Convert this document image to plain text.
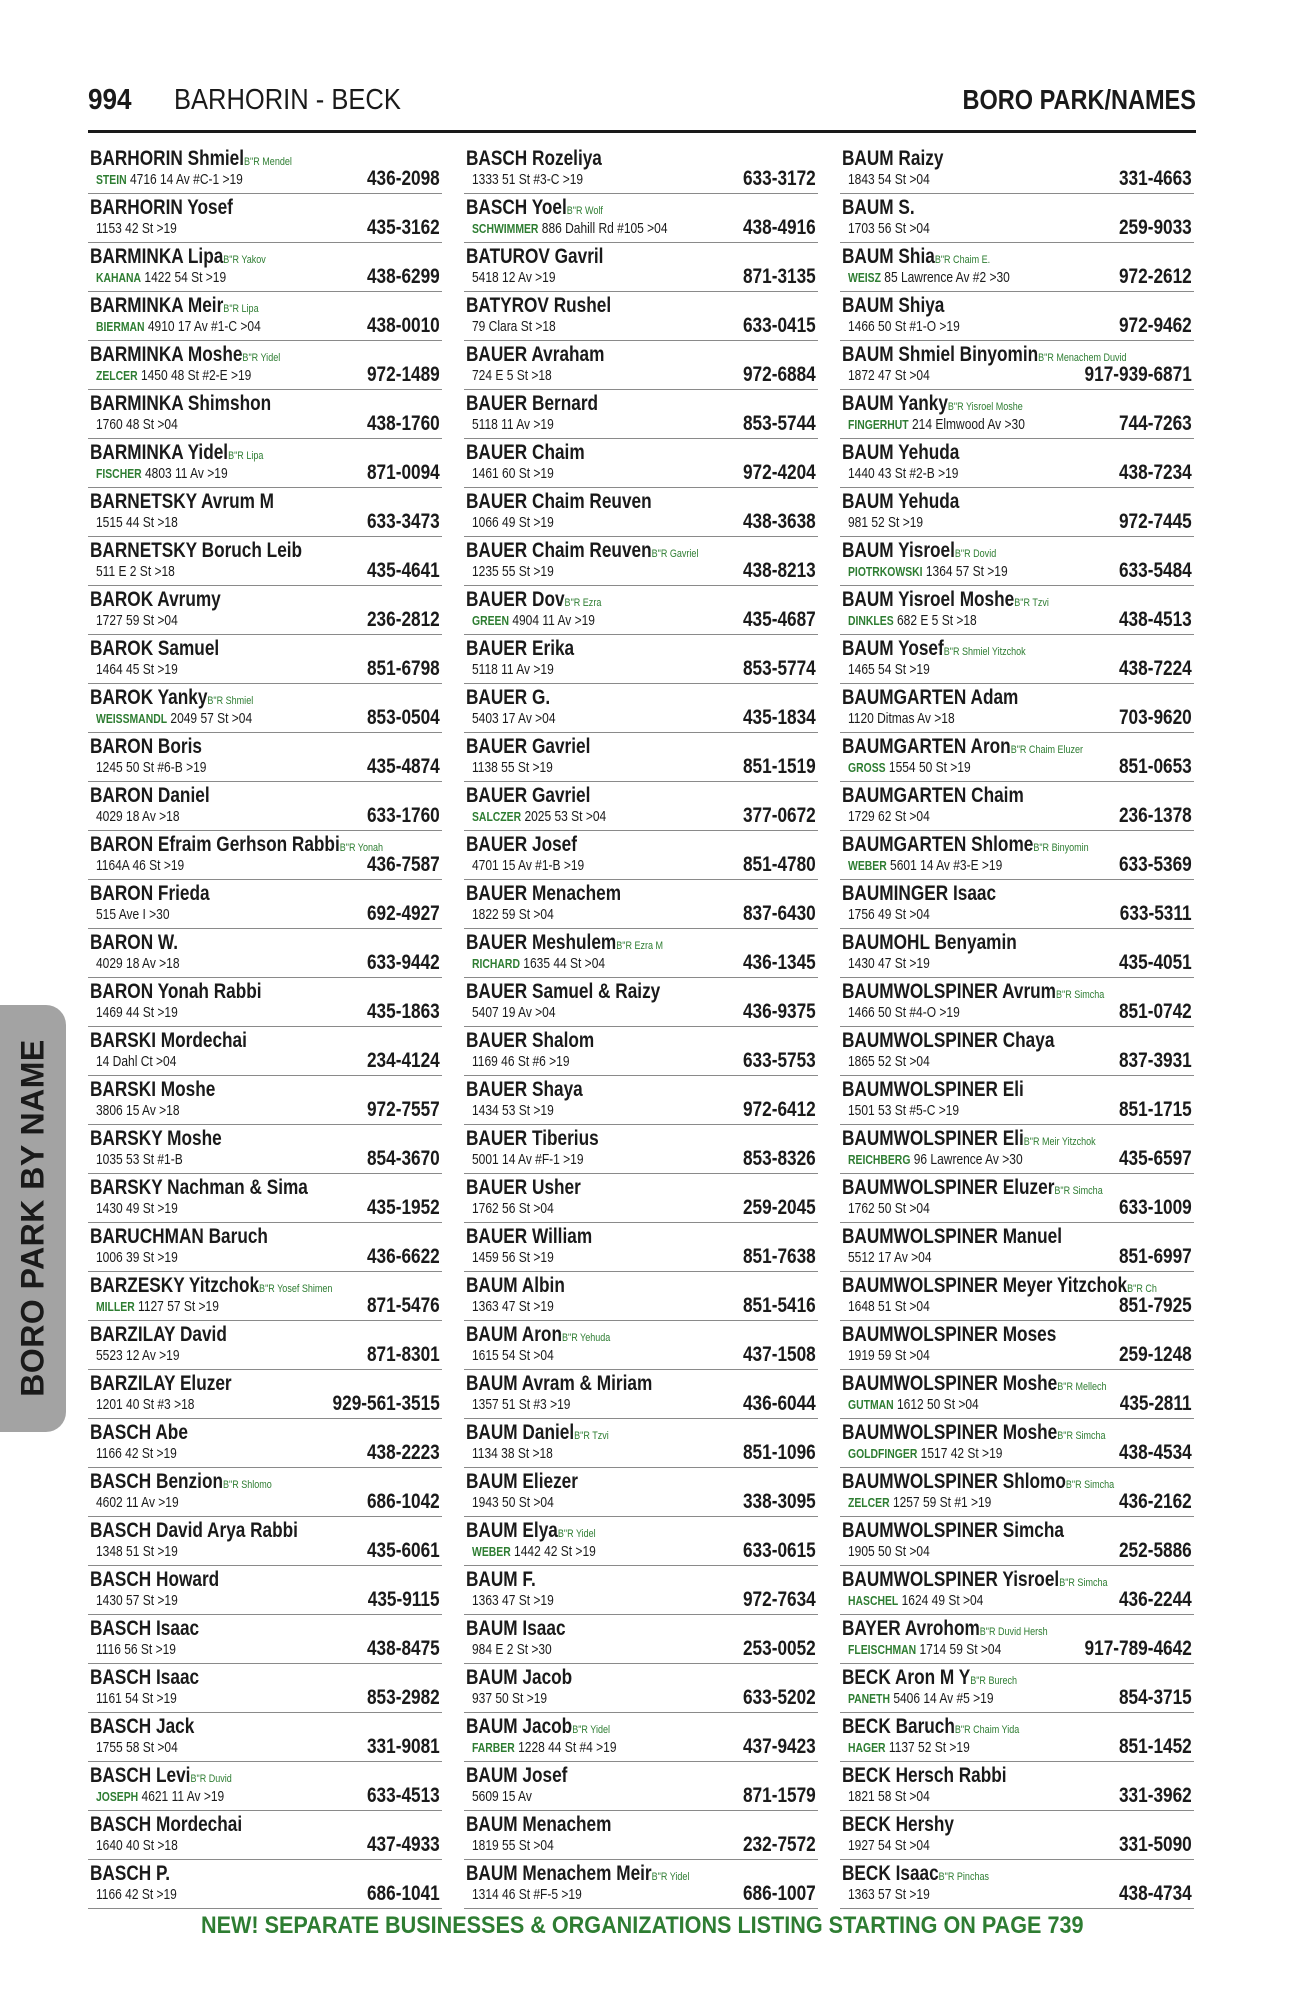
994 BARHORIN - BECK	BORO PARK/NAMES
BORO PARK BY NAME
BARHORIN ShmielB"R Mendel
STEIN 4716 14 Av #C-1 >19	436-2098
BARHORIN Yosef
1153 42 St >19	435-3162
BARMINKA LipaB"R Yakov
KAHANA 1422 54 St >19	438-6299
BARMINKA MeirB"R Lipa
BIERMAN 4910 17 Av #1-C >04	438-0010
BARMINKA MosheB"R Yidel
ZELCER 1450 48 St #2-E >19	972-1489
BARMINKA Shimshon
1760 48 St >04	438-1760
BARMINKA YidelB"R Lipa
FISCHER 4803 11 Av >19	871-0094
BARNETSKY Avrum M
1515 44 St >18	633-3473
BARNETSKY Boruch Leib
511 E 2 St >18	435-4641
BAROK Avrumy
1727 59 St >04	236-2812
BAROK Samuel
1464 45 St >19	851-6798
BAROK YankyB"R Shmiel
WEISSMANDL 2049 57 St >04	853-0504
BARON Boris
1245 50 St #6-B >19	435-4874
BARON Daniel
4029 18 Av >18	633-1760
BARON Efraim Gerhson RabbiB"R Yonah
1164A 46 St >19	436-7587
BARON Frieda
515 Ave I >30	692-4927
BARON W.
4029 18 Av >18	633-9442
BARON Yonah Rabbi
1469 44 St >19	435-1863
BARSKI Mordechai
14 Dahl Ct >04	234-4124
BARSKI Moshe
3806 15 Av >18	972-7557
BARSKY Moshe
1035 53 St #1-B	854-3670
BARSKY Nachman & Sima
1430 49 St >19	435-1952
BARUCHMAN Baruch
1006 39 St >19	436-6622
BARZESKY YitzchokB"R Yosef Shimen
MILLER 1127 57 St >19	871-5476
BARZILAY David
5523 12 Av >19	871-8301
BARZILAY Eluzer
1201 40 St #3 >18	929-561-3515
BASCH Abe
1166 42 St >19	438-2223
BASCH BenzionB"R Shlomo
4602 11 Av >19	686-1042
BASCH David Arya Rabbi
1348 51 St >19	435-6061
BASCH Howard
1430 57 St >19	435-9115
BASCH Isaac
1116 56 St >19	438-8475
BASCH Isaac
1161 54 St >19	853-2982
BASCH Jack
1755 58 St >04	331-9081
BASCH LeviB"R Duvid
JOSEPH 4621 11 Av >19	633-4513
BASCH Mordechai
1640 40 St >18	437-4933
BASCH P.
1166 42 St >19	686-1041
BASCH Rozeliya
1333 51 St #3-C >19	633-3172
BASCH YoelB"R Wolf
SCHWIMMER 886 Dahill Rd #105 >04	438-4916
BATUROV Gavril
5418 12 Av >19	871-3135
BATYROV Rushel
79 Clara St >18	633-0415
BAUER Avraham
724 E 5 St >18	972-6884
BAUER Bernard
5118 11 Av >19	853-5744
BAUER Chaim
1461 60 St >19	972-4204
BAUER Chaim Reuven
1066 49 St >19	438-3638
BAUER Chaim ReuvenB"R Gavriel
1235 55 St >19	438-8213
BAUER DovB"R Ezra
GREEN 4904 11 Av >19	435-4687
BAUER Erika
5118 11 Av >19	853-5774
BAUER G.
5403 17 Av >04	435-1834
BAUER Gavriel
1138 55 St >19	851-1519
BAUER Gavriel
SALCZER 2025 53 St >04	377-0672
BAUER Josef
4701 15 Av #1-B >19	851-4780
BAUER Menachem
1822 59 St >04	837-6430
BAUER MeshulemB"R Ezra M
RICHARD 1635 44 St >04	436-1345
BAUER Samuel & Raizy
5407 19 Av >04	436-9375
BAUER Shalom
1169 46 St #6 >19	633-5753
BAUER Shaya
1434 53 St >19	972-6412
BAUER Tiberius
5001 14 Av #F-1 >19	853-8326
BAUER Usher
1762 56 St >04	259-2045
BAUER William
1459 56 St >19	851-7638
BAUM Albin
1363 47 St >19	851-5416
BAUM AronB"R Yehuda
1615 54 St >04	437-1508
BAUM Avram & Miriam
1357 51 St #3 >19	436-6044
BAUM DanielB"R Tzvi
1134 38 St >18	851-1096
BAUM Eliezer
1943 50 St >04	338-3095
BAUM ElyaB"R Yidel
WEBER 1442 42 St >19	633-0615
BAUM F.
1363 47 St >19	972-7634
BAUM Isaac
984 E 2 St >30	253-0052
BAUM Jacob
937 50 St >19	633-5202
BAUM JacobB"R Yidel
FARBER 1228 44 St #4 >19	437-9423
BAUM Josef
5609 15 Av	871-1579
BAUM Menachem
1819 55 St >04	232-7572
BAUM Menachem MeirB"R Yidel
1314 46 St #F-5 >19	686-1007
BAUM Raizy
1843 54 St >04	331-4663
BAUM S.
1703 56 St >04	259-9033
BAUM ShiaB"R Chaim E.
WEISZ 85 Lawrence Av #2 >30	972-2612
BAUM Shiya
1466 50 St #1-O >19	972-9462
BAUM Shmiel BinyominB"R Menachem Duvid
1872 47 St >04	917-939-6871
BAUM YankyB"R Yisroel Moshe
FINGERHUT 214 Elmwood Av >30	744-7263
BAUM Yehuda
1440 43 St #2-B >19	438-7234
BAUM Yehuda
981 52 St >19	972-7445
BAUM YisroelB"R Dovid
PIOTRKOWSKI 1364 57 St >19	633-5484
BAUM Yisroel MosheB"R Tzvi
DINKLES 682 E 5 St >18	438-4513
BAUM YosefB"R Shmiel Yitzchok
1465 54 St >19	438-7224
BAUMGARTEN Adam
1120 Ditmas Av >18	703-9620
BAUMGARTEN AronB"R Chaim Eluzer
GROSS 1554 50 St >19	851-0653
BAUMGARTEN Chaim
1729 62 St >04	236-1378
BAUMGARTEN ShlomeB"R Binyomin
WEBER 5601 14 Av #3-E >19	633-5369
BAUMINGER Isaac
1756 49 St >04	633-5311
BAUMOHL Benyamin
1430 47 St >19	435-4051
BAUMWOLSPINER AvrumB"R Simcha
1466 50 St #4-O >19	851-0742
BAUMWOLSPINER Chaya
1865 52 St >04	837-3931
BAUMWOLSPINER Eli
1501 53 St #5-C >19	851-1715
BAUMWOLSPINER EliB"R Meir Yitzchok
REICHBERG 96 Lawrence Av >30	435-6597
BAUMWOLSPINER EluzerB"R Simcha
1762 50 St >04	633-1009
BAUMWOLSPINER Manuel
5512 17 Av >04	851-6997
BAUMWOLSPINER Meyer YitzchokB"R Ch
1648 51 St >04	851-7925
BAUMWOLSPINER Moses
1919 59 St >04	259-1248
BAUMWOLSPINER MosheB"R Mellech
GUTMAN 1612 50 St >04	435-2811
BAUMWOLSPINER MosheB"R Simcha
GOLDFINGER 1517 42 St >19	438-4534
BAUMWOLSPINER ShlomoB"R Simcha
ZELCER 1257 59 St #1 >19	436-2162
BAUMWOLSPINER Simcha
1905 50 St >04	252-5886
BAUMWOLSPINER YisroelB"R Simcha
HASCHEL 1624 49 St >04	436-2244
BAYER AvrohomB"R Duvid Hersh
FLEISCHMAN 1714 59 St >04	917-789-4642
BECK Aron M YB"R Burech
PANETH 5406 14 Av #5 >19	854-3715
BECK BaruchB"R Chaim Yida
HAGER 1137 52 St >19	851-1452
BECK Hersch Rabbi
1821 58 St >04	331-3962
BECK Hershy
1927 54 St >04	331-5090
BECK IsaacB"R Pinchas
1363 57 St >19	438-4734
NEW! SEPARATE BUSINESSES & ORGANIZATIONS LISTING STARTING ON PAGE 739
